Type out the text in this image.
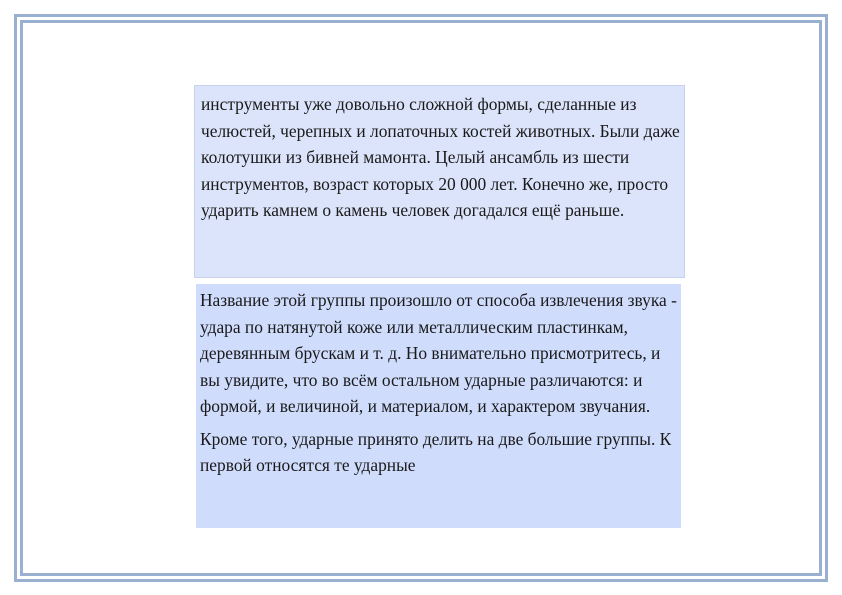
инструменты уже довольно сложной формы, сделанные из челюстей, черепных и лопаточных костей животных. Были даже колотушки из бивней мамонта. Целый ансамбль из шести инструментов, возраст которых 20 000 лет. Конечно же, просто ударить камнем о камень человек догадался ещё раньше.

Название этой группы произошло от способа извлечения звука - удара по натянутой коже или металлическим пластинкам, деревянным брускам и т. д. Но внимательно присмотритесь, и вы увидите, что во всём остальном ударные различаются: и формой, и величиной, и материалом, и характером звучания.

Кроме того, ударные принято делить на две большие группы. К первой относятся те ударные
